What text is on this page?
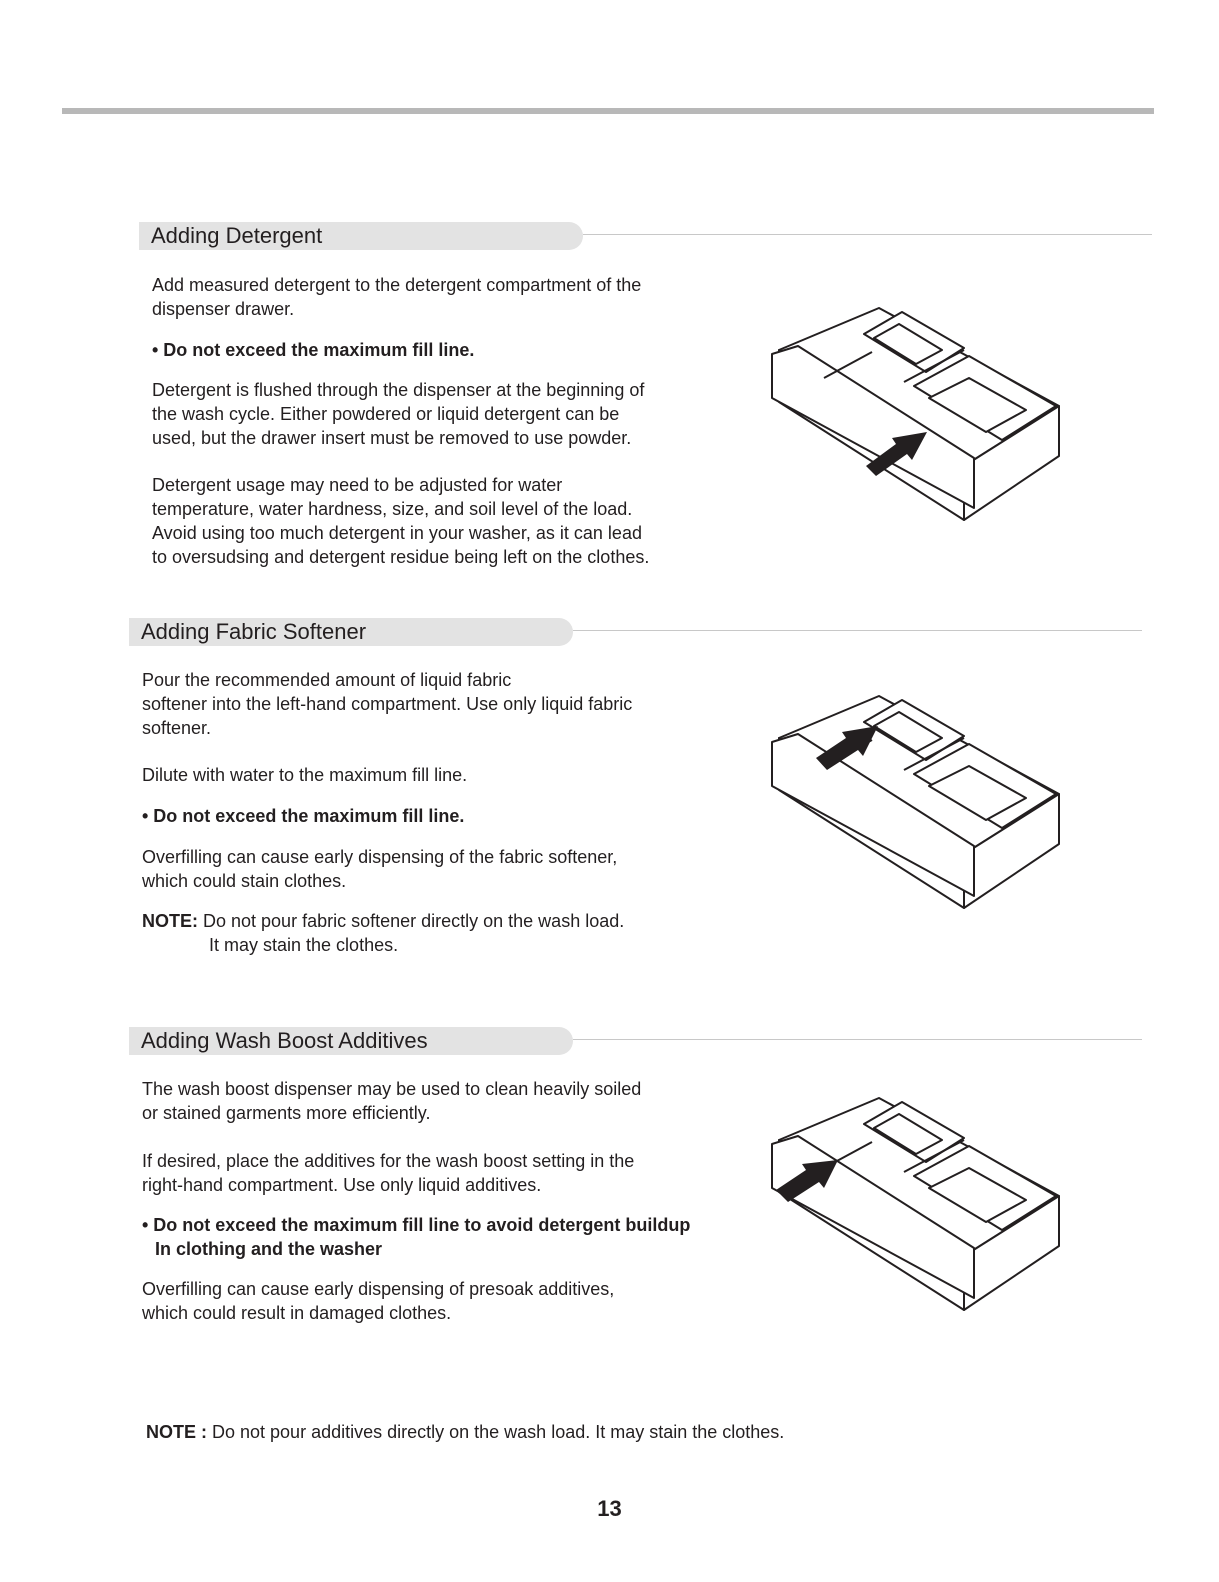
Adding Detergent
Add measured detergent to the detergent compartment of the
dispenser drawer.
• Do not exceed the maximum fill line.
Detergent is flushed through the dispenser at the beginning of
the wash cycle. Either powdered or liquid detergent can be
used, but the drawer insert must be removed to use powder.
Detergent usage may need to be adjusted for water
temperature, water hardness, size, and soil level of the load.
Avoid using too much detergent in your washer, as it can lead
to oversudsing and detergent residue being left on the clothes.
Adding Fabric Softener
Pour the recommended amount of liquid fabric
softener into the left-hand compartment. Use only liquid fabric
softener.
Dilute with water to the maximum fill line.
• Do not exceed the maximum fill line.
Overfilling can cause early dispensing of the fabric softener,
which could stain clothes.
NOTE: Do not pour fabric softener directly on the wash load.
It may stain the clothes.
Adding Wash Boost Additives
The wash boost dispenser may be used to clean heavily soiled
or stained garments more efficiently.
If desired, place the additives for the wash boost setting in the
right-hand compartment. Use only liquid additives.
• Do not exceed the maximum fill line to avoid detergent buildup
In clothing and the washer
Overfilling can cause early dispensing of presoak additives,
which could result in damaged clothes.
NOTE : Do not pour additives directly on the wash load. It may stain the clothes.
13
